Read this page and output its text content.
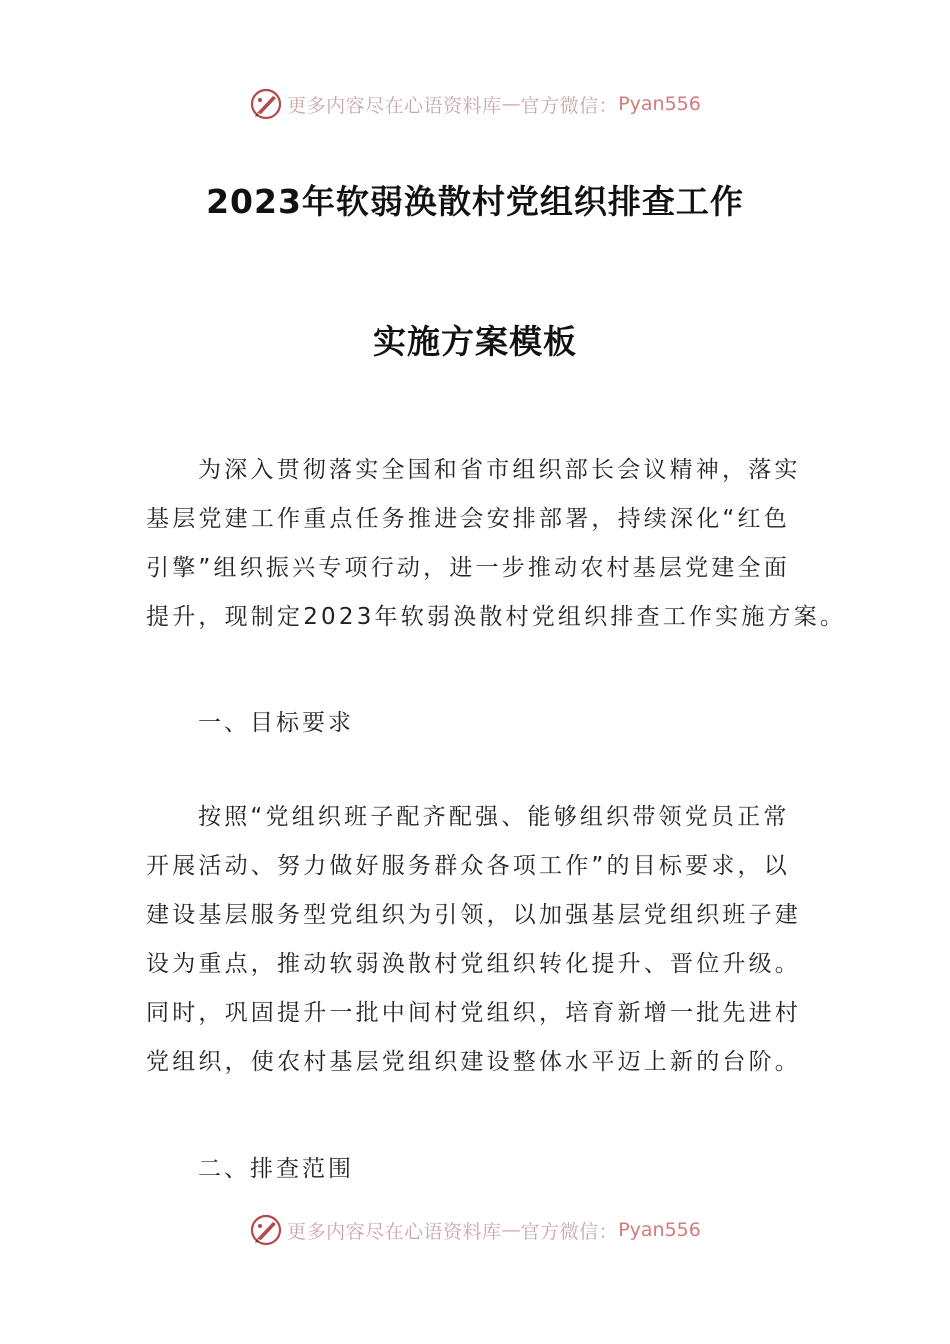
更多内容尽在心语资料库 — 官方微信： Pyan556
2023年软弱涣散村党组织排查工作
实施方案模板
为深入贯彻落实全国和省市组织部长会议精神，落实
基层党建工作重点任务推进会安排部署，持续深化“红色
引擎”组织振兴专项行动，进一步推动农村基层党建全面
提升，现制定2023年软弱涣散村党组织排查工作实施方案。
一、目标要求
按照“党组织班子配齐配强、能够组织带领党员正常
开展活动、努力做好服务群众各项工作”的目标要求，以
建设基层服务型党组织为引领，以加强基层党组织班子建
设为重点，推动软弱涣散村党组织转化提升、晋位升级。
同时，巩固提升一批中间村党组织，培育新增一批先进村
党组织，使农村基层党组织建设整体水平迈上新的台阶。
二、排查范围
更多内容尽在心语资料库 — 官方微信： Pyan556
